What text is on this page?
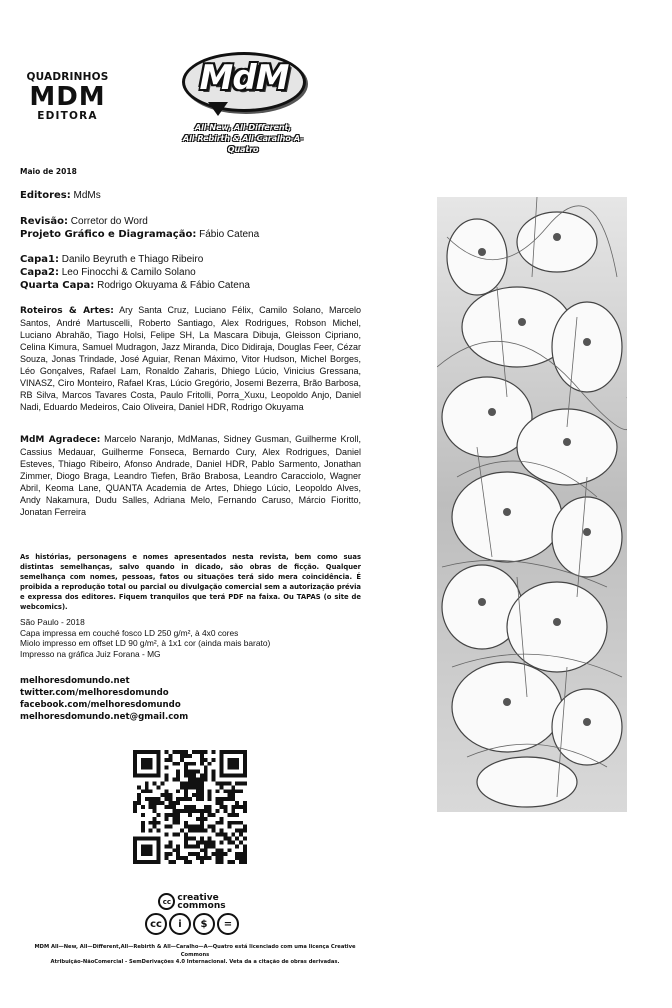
QUADRINHOS
MDM
EDITORA
MdM
All-New, All-Different,
All-Rebirth & All-Caralho-A-Quatro
Maio de 2018
Editores: MdMs
Revisão: Corretor do Word
Projeto Gráfico e Diagramação: Fábio Catena
Capa1: Danilo Beyruth e Thiago Ribeiro
Capa2: Leo Finocchi & Camilo Solano
Quarta Capa: Rodrigo Okuyama & Fábio Catena
Roteiros & Artes: Ary Santa Cruz, Luciano Félix, Camilo Solano, Marcelo Santos, André Martuscelli, Roberto Santiago, Alex Rodrigues, Robson Michel, Luciano Abrahão, Tiago Holsi, Felipe SH, La Mascara Dibuja, Gleisson Cipriano, Celina Kimura, Samuel Mudragon, Jazz Miranda, Dico Didiraja, Douglas Feer, Cézar Souza, Jonas Trindade, José Aguiar, Renan Máximo, Vitor Hudson, Michel Borges, Léo Gonçalves, Rafael Lam, Ronaldo Zaharis, Dhiego Lúcio, Vinicius Gressana, VINASZ, Ciro Monteiro, Rafael Kras, Lúcio Gregório, Josemi Bezerra, Brão Barbosa, RB Silva, Marcos Tavares Costa, Paulo Fritolli, Porra_Xuxu, Leopoldo Anjo, Daniel Nadi, Eduardo Medeiros, Caio Oliveira, Daniel HDR, Rodrigo Okuyama
MdM Agradece: Marcelo Naranjo, MdManas, Sidney Gusman, Guilherme Kroll, Cassius Medauar, Guilherme Fonseca, Bernardo Cury, Alex Rodrigues, Daniel Esteves, Thiago Ribeiro, Afonso Andrade, Daniel HDR, Pablo Sarmento, Jonathan Zimmer, Diogo Braga, Leandro Tiefen, Brão Brabosa, Leandro Caracciolo, Wagner Abril, Keoma Lane, QUANTA Academia de Artes, Dhiego Lúcio, Leopoldo Alves, Andy Nakamura, Dudu Salles, Adriana Melo, Fernando Caruso, Márcio Fioritto, Jonatan Ferreira
As histórias, personagens e nomes apresentados nesta revista, bem como suas distintas semelhanças, salvo quando in dicado, são obras de ficção. Qualquer semelhança com nomes, pessoas, fatos ou situações terá sido mera coincidência. É proibida a reprodução total ou parcial ou divulgação comercial sem a autorização prévia e expressa dos editores. Fiquem tranquilos que terá PDF na faixa. Ou TAPAS (o site de webcomics).
São Paulo - 2018
Capa impressa em couché fosco LD 250 g/m², à 4x0 cores
Miolo impresso em offset LD 90 g/m², à 1x1 cor (ainda mais barato)
Impresso na gráfica Juiz Forana - MG
melhoresdomundo.net
twitter.com/melhoresdomundo
facebook.com/melhoresdomundo
melhoresdomundo.net@gmail.com
cc creative
commons
cc	i	$	=
MDM All—New, All—Different,All—Rebirth & All—Caralho—A—Quatro está licenciado com uma licença Creative Commons
Atribuição-NãoComercial - SemDerivações 4.0 Internacional. Veta da a citação de obras derivadas.
